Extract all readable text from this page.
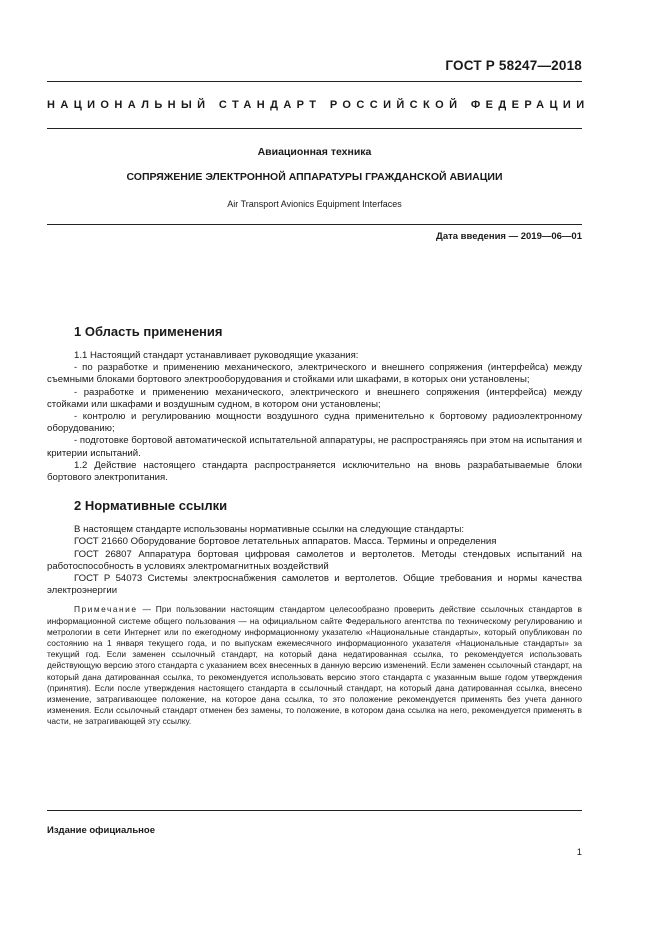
ГОСТ Р 58247—2018
НАЦИОНАЛЬНЫЙ СТАНДАРТ РОССИЙСКОЙ ФЕДЕРАЦИИ
Авиационная техника
СОПРЯЖЕНИЕ ЭЛЕКТРОННОЙ АППАРАТУРЫ ГРАЖДАНСКОЙ АВИАЦИИ
Air Transport Avionics Equipment Interfaces
Дата введения — 2019—06—01
1 Область применения

1.1 Настоящий стандарт устанавливает руководящие указания:

- по разработке и применению механического, электрического и внешнего сопряжения (интерфейса) между съемными блоками бортового электрооборудования и стойками или шкафами, в которых они установлены;

- разработке и применению механического, электрического и внешнего сопряжения (интерфейса) между стойками или шкафами и воздушным судном, в котором они установлены;

- контролю и регулированию мощности воздушного судна применительно к бортовому радиоэлектронному оборудованию;

- подготовке бортовой автоматической испытательной аппаратуры, не распространяясь при этом на испытания и критерии испытаний.

1.2 Действие настоящего стандарта распространяется исключительно на вновь разрабатываемые блоки бортового электропитания.

2 Нормативные ссылки

В настоящем стандарте использованы нормативные ссылки на следующие стандарты:

ГОСТ 21660 Оборудование бортовое летательных аппаратов. Масса. Термины и определения

ГОСТ 26807 Аппаратура бортовая цифровая самолетов и вертолетов. Методы стендовых испытаний на работоспособность в условиях электромагнитных воздействий

ГОСТ Р 54073 Системы электроснабжения самолетов и вертолетов. Общие требования и нормы качества электроэнергии

Примечание — При пользовании настоящим стандартом целесообразно проверить действие ссылочных стандартов в информационной системе общего пользования — на официальном сайте Федерального агентства по техническому регулированию и метрологии в сети Интернет или по ежегодному информационному указателю «Национальные стандарты», который опубликован по состоянию на 1 января текущего года, и по выпускам ежемесячного информационного указателя «Национальные стандарты» за текущий год. Если заменен ссылочный стандарт, на который дана недатированная ссылка, то рекомендуется использовать действующую версию этого стандарта с указанием всех внесенных в данную версию изменений. Если заменен ссылочный стандарт, на который дана датированная ссылка, то рекомендуется использовать версию этого стандарта с указанным выше годом утверждения (принятия). Если после утверждения настоящего стандарта в ссылочный стандарт, на который дана датированная ссылка, внесено изменение, затрагивающее положение, на которое дана ссылка, то это положение рекомендуется применять без учета данного изменения. Если ссылочный стандарт отменен без замены, то положение, в котором дана ссылка на него, рекомендуется применять в части, не затрагивающей эту ссылку.

Издание официальное
1
